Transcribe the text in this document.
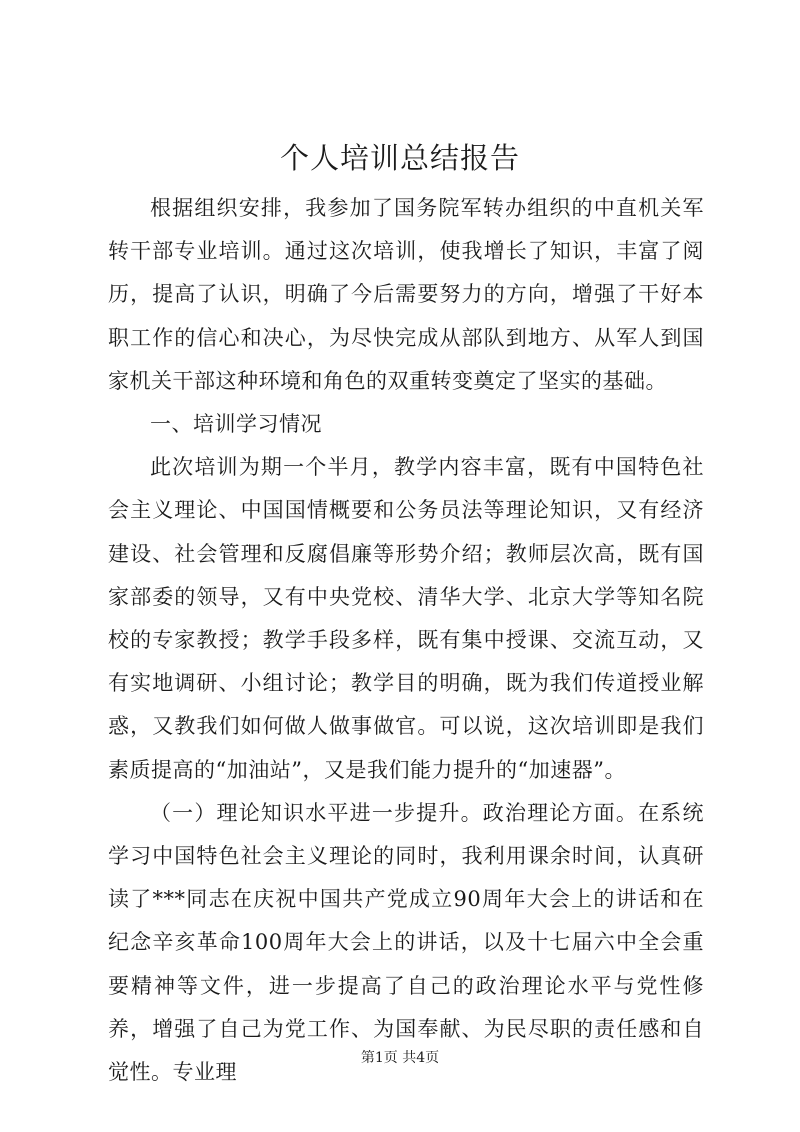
个人培训总结报告

根据组织安排，我参加了国务院军转办组织的中直机关军转干部专业培训。通过这次培训，使我增长了知识，丰富了阅历，提高了认识，明确了今后需要努力的方向，增强了干好本职工作的信心和决心，为尽快完成从部队到地方、从军人到国家机关干部这种环境和角色的双重转变奠定了坚实的基础。

一、培训学习情况

此次培训为期一个半月，教学内容丰富，既有中国特色社会主义理论、中国国情概要和公务员法等理论知识，又有经济建设、社会管理和反腐倡廉等形势介绍；教师层次高，既有国家部委的领导，又有中央党校、清华大学、北京大学等知名院校的专家教授；教学手段多样，既有集中授课、交流互动，又有实地调研、小组讨论；教学目的明确，既为我们传道授业解惑，又教我们如何做人做事做官。可以说，这次培训即是我们素质提高的“加油站”，又是我们能力提升的“加速器”。

（一）理论知识水平进一步提升。政治理论方面。在系统学习中国特色社会主义理论的同时，我利用课余时间，认真研读了***同志在庆祝中国共产党成立90周年大会上的讲话和在纪念辛亥革命100周年大会上的讲话，以及十七届六中全会重要精神等文件，进一步提高了自己的政治理论水平与党性修养，增强了自己为党工作、为国奉献、为民尽职的责任感和自觉性。专业理

第1页 共4页
